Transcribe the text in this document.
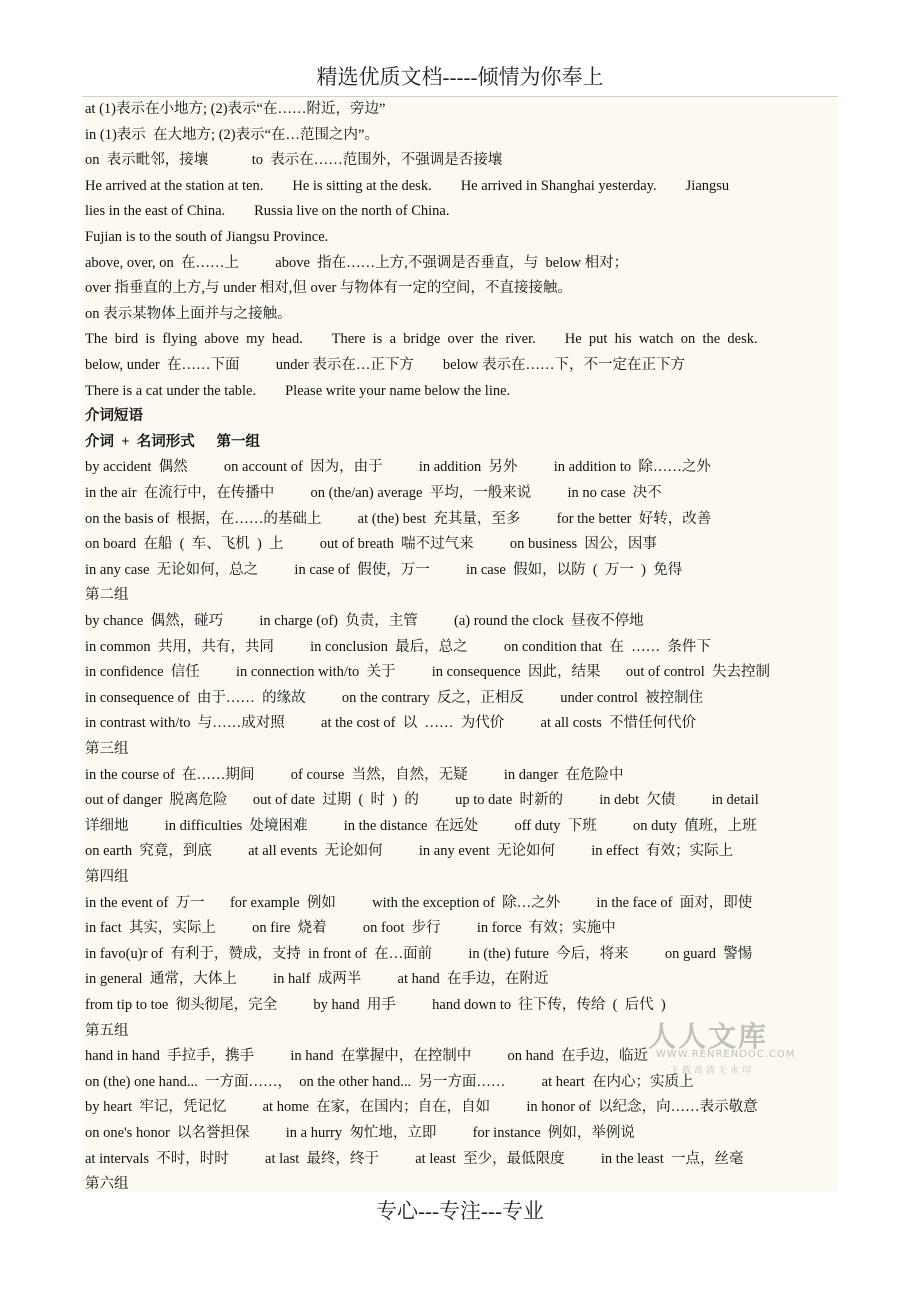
精选优质文档-----倾情为你奉上
at (1)表示在小地方; (2)表示“在……附近，旁边”
in (1)表示  在大地方; (2)表示“在…范围之内”。
on  表示毗邻，接壤            to  表示在……范围外，不强调是否接壤
He arrived at the station at ten.        He is sitting at the desk.        He arrived in Shanghai yesterday.        Jiangsu
lies in the east of China.        Russia live on the north of China.
Fujian is to the south of Jiangsu Province.
above, over, on  在……上          above  指在……上方,不强调是否垂直，与  below 相对；
over 指垂直的上方,与 under 相对,但 over 与物体有一定的空间，不直接接触。
on 表示某物体上面并与之接触。
The  bird  is  flying  above  my  head.        There  is  a  bridge  over  the  river.        He  put  his  watch  on  the  desk.
below, under  在……下面          under 表示在…正下方        below 表示在……下，不一定在正下方
There is a cat under the table.        Please write your name below the line.
介词短语
介词  +  名词形式      第一组
by accident  偶然          on account of  因为，由于          in addition  另外          in addition to  除……之外
in the air  在流行中，在传播中          on (the/an) average  平均，一般来说          in no case  决不
on the basis of  根据，在……的基础上          at (the) best  充其量，至多          for the better  好转，改善
on board  在船  (  车、飞机  )  上          out of breath  喘不过气来          on business  因公，因事
in any case  无论如何，总之          in case of  假使，万一          in case  假如，以防  (  万一  )  免得
第二组
by chance  偶然，碰巧          in charge (of)  负责，主管          (a) round the clock  昼夜不停地
in common  共用，共有，共同          in conclusion  最后，总之          on condition that  在  ……  条件下
in confidence  信任          in connection with/to  关于          in consequence  因此，结果       out of control  失去控制
in consequence of  由于……  的缘故          on the contrary  反之，正相反          under control  被控制住
in contrast with/to  与……成对照          at the cost of  以  ……  为代价          at all costs  不惜任何代价
第三组
in the course of  在……期间          of course  当然，自然，无疑          in danger  在危险中
out of danger  脱离危险       out of date  过期  (  时  )  的          up to date  时新的          in debt  欠债          in detail
详细地          in difficulties  处境困难          in the distance  在远处          off duty  下班          on duty  值班，上班
on earth  究竟，到底          at all events  无论如何          in any event  无论如何          in effect  有效；实际上
第四组
in the event of  万一       for example  例如          with the exception of  除…之外          in the face of  面对，即使
in fact  其实，实际上          on fire  烧着          on foot  步行          in force  有效；实施中
in favo(u)r of  有利于，赞成，支持  in front of  在…面前          in (the) future  今后，将来          on guard  警惕
in general  通常，大体上          in half  成两半          at hand  在手边，在附近
from tip to toe  彻头彻尾，完全          by hand  用手          hand down to  往下传，传给  (  后代  )
第五组
hand in hand  手拉手，携手          in hand  在掌握中，在控制中          on hand  在手边，临近
on (the) one hand...  一方面……，  on the other hand...  另一方面……          at heart  在内心；实质上
by heart  牢记，凭记忆          at home  在家，在国内；自在，自如          in honor of  以纪念，向……表示敬意
on one's honor  以名誉担保          in a hurry  匆忙地，立即          for instance  例如，举例说
at intervals  不时，时时          at last  最终，终于          at least  至少，最低限度          in the least  一点，丝毫
第六组
人人文库
WWW.RENRENDOC.COM
下载高清无水印
专心---专注---专业
